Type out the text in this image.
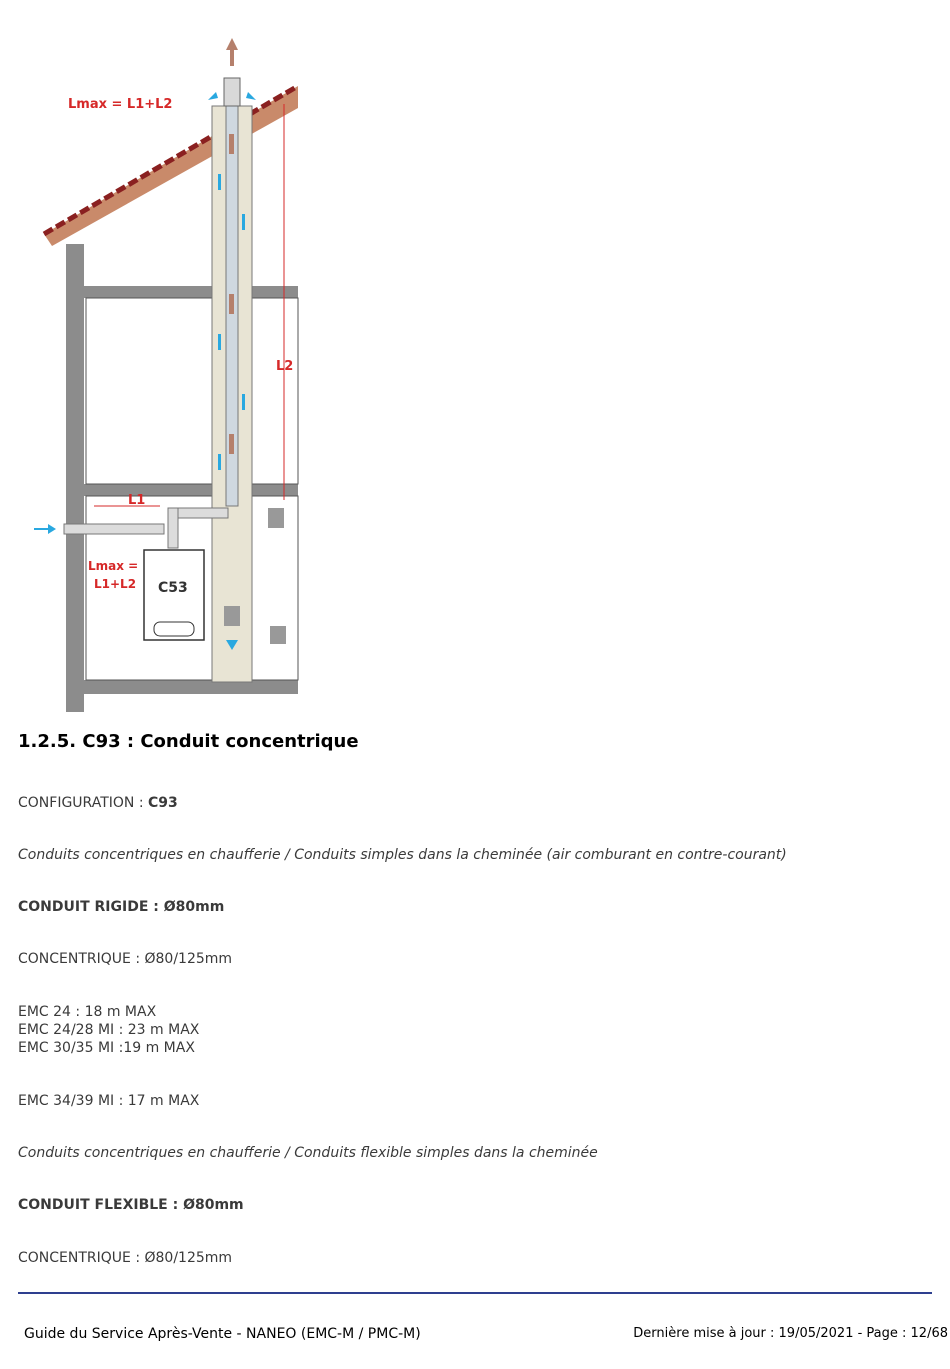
L2
Lmax = L1+L2
L1
C53
Lmax =
L1+L2
1.2.5. C93 : Conduit concentrique

CONFIGURATION : C93

Conduits concentriques en chaufferie / Conduits simples dans la cheminée (air comburant en contre-courant)

CONDUIT RIGIDE : Ø80mm

CONCENTRIQUE : Ø80/125mm

EMC 24 : 18 m MAX

EMC 24/28 MI : 23 m MAX

EMC 30/35 MI :19 m MAX

EMC 34/39 MI : 17 m MAX

Conduits concentriques en chaufferie / Conduits flexible simples dans la cheminée

CONDUIT FLEXIBLE : Ø80mm

CONCENTRIQUE : Ø80/125mm

Guide du Service Après-Vente - NANEO (EMC-M / PMC-M)	Dernière mise à jour : 19/05/2021 - Page : 12/68
